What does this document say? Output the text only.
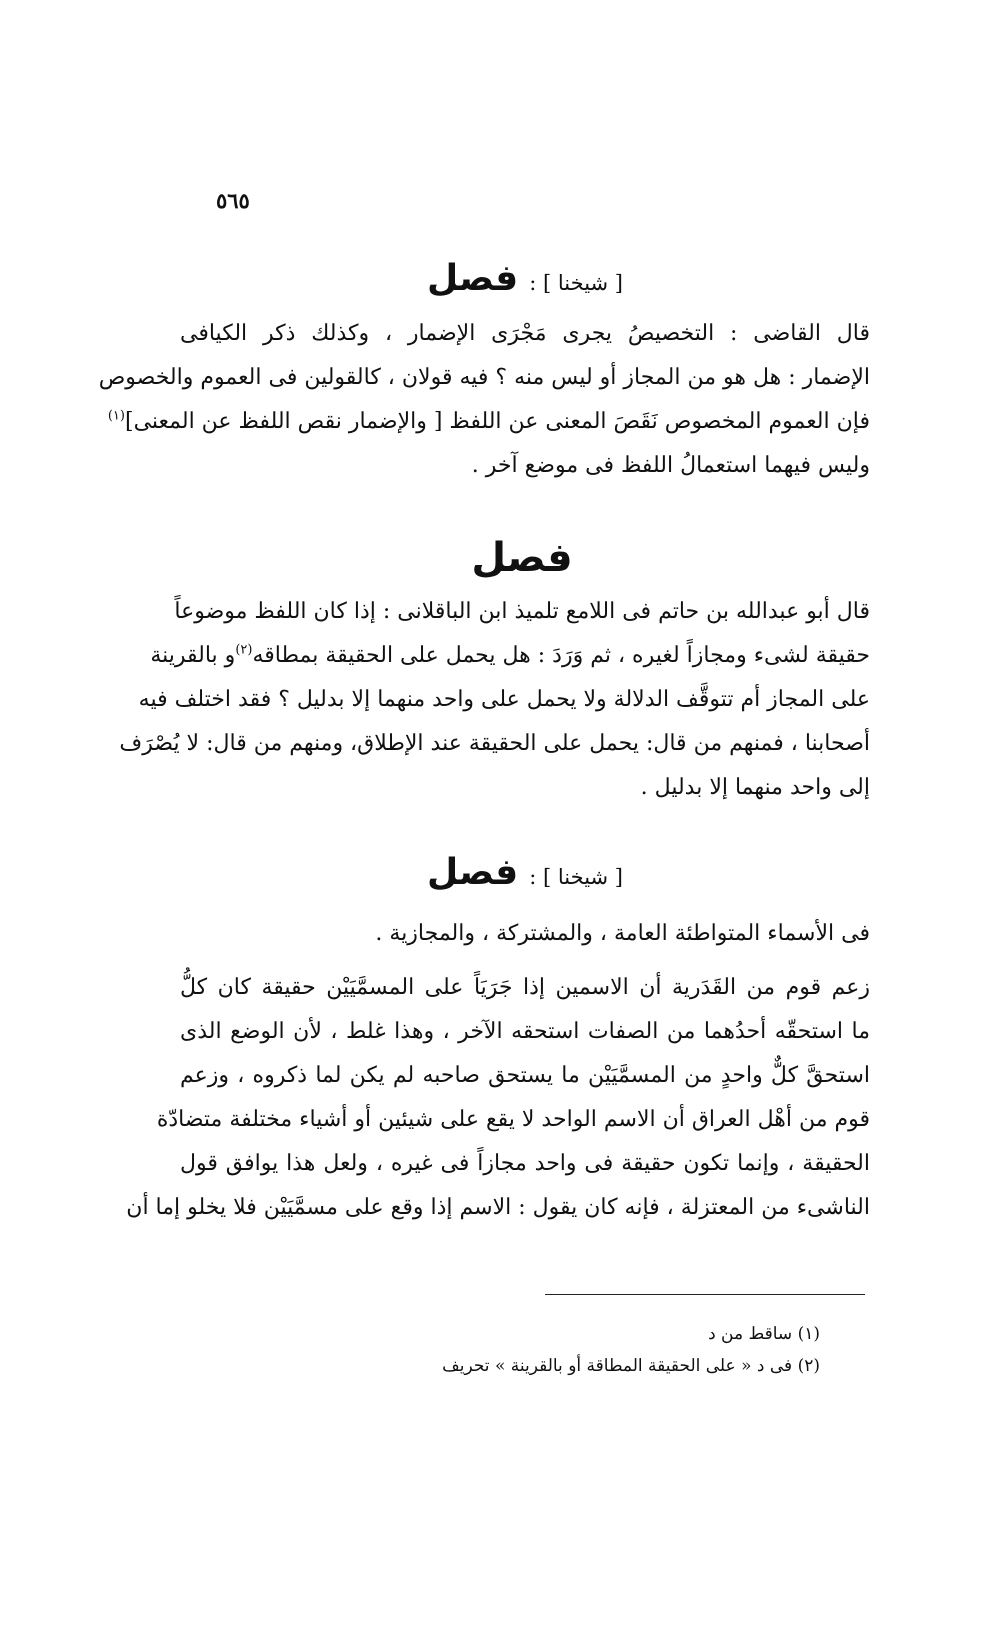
٥٦٥
[ شيخنا ] : فصل
قال القاضى : التخصيصُ يجرى مَجْرَى الإضمار ، وكذلك ذكر الكيافى
الإضمار : هل هو من المجاز أو ليس منه ؟ فيه قولان ، كالقولين فى العموم والخصوص
فإن العموم المخصوص نَقَصَ المعنى عن اللفظ [ والإضمار نقص اللفظ عن المعنى]$^{(١)}$
وليس فيهما استعمالُ اللفظ فى موضع آخر .
فصل
قال أبو عبدالله بن حاتم فى اللامع تلميذ ابن الباقلانى : إذا كان اللفظ موضوعاً
حقيقة لشىء ومجازاً لغيره ، ثم وَرَدَ : هل يحمل على الحقيقة بمطاقه$^{(٢)}$و بالقرينة
على المجاز أم تتوقَّف الدلالة ولا يحمل على واحد منهما إلا بدليل ؟ فقد اختلف فيه
أصحابنا ، فمنهم من قال: يحمل على الحقيقة عند الإطلاق، ومنهم من قال: لا يُصْرَف
إلى واحد منهما إلا بدليل .
[ شيخنا ] : فصل
فى الأسماء المتواطئة العامة ، والمشتركة ، والمجازية .
زعم قوم من القَدَرية أن الاسمين إذا جَرَيَاً على المسمَّيَيْن حقيقة كان كلُّ
ما استحقّه أحدُهما من الصفات استحقه الآخر ، وهذا غلط ، لأن الوضع الذى
استحقَّ كلٌّ واحدٍ من المسمَّيَيْن ما يستحق صاحبه لم يكن لما ذكروه ، وزعم
قوم من أهْل العراق أن الاسم الواحد لا يقع على شيئين أو أشياء مختلفة متضادّة
الحقيقة ، وإنما تكون حقيقة فى واحد مجازاً فى غيره ، ولعل هذا يوافق قول
الناشىء من المعتزلة ، فإنه كان يقول : الاسم إذا وقع على مسمَّيَيْن فلا يخلو إما أن
(١) ساقط من د
(٢) فى د « على الحقيقة المطاقة أو بالقرينة » تحريف
